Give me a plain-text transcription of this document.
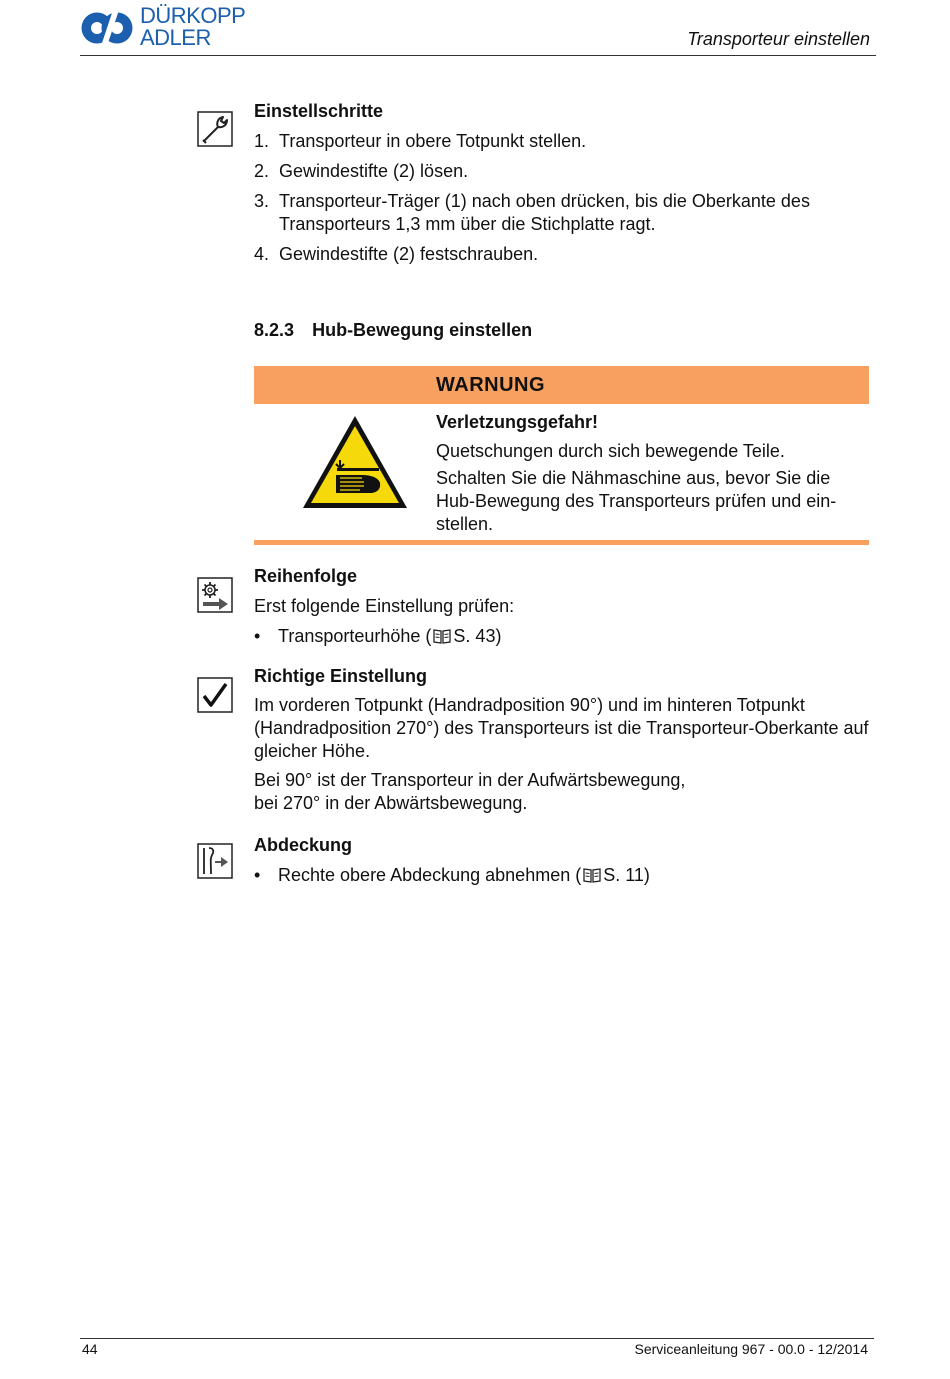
DÜRKOPP
ADLER	Transporteur einstellen
Einstellschritte
1. Transporteur in obere Totpunkt stellen.
2. Gewindestifte (2) lösen.
3. Transporteur-Träger (1) nach oben drücken, bis die Oberkante des Transporteurs 1,3 mm über die Stichplatte ragt.
4. Gewindestifte (2) festschrauben.
8.2.3 Hub-Bewegung einstellen
WARNUNG
Verletzungsgefahr!
Quetschungen durch sich bewegende Teile.
Schalten Sie die Nähmaschine aus, bevor Sie die Hub-Bewegung des Transporteurs prüfen und ein-stellen.
Reihenfolge
Erst folgende Einstellung prüfen:
• Transporteurhöhe ( S. 43)
Richtige Einstellung
Im vorderen Totpunkt (Handradposition 90°) und im hinteren Totpunkt (Handradposition 270°) des Transporteurs ist die Transporteur-Oberkante auf gleicher Höhe.
Bei 90° ist der Transporteur in der Aufwärtsbewegung,
bei 270° in der Abwärtsbewegung.
Abdeckung
• Rechte obere Abdeckung abnehmen ( S. 11)
44	Serviceanleitung 967 - 00.0 - 12/2014
